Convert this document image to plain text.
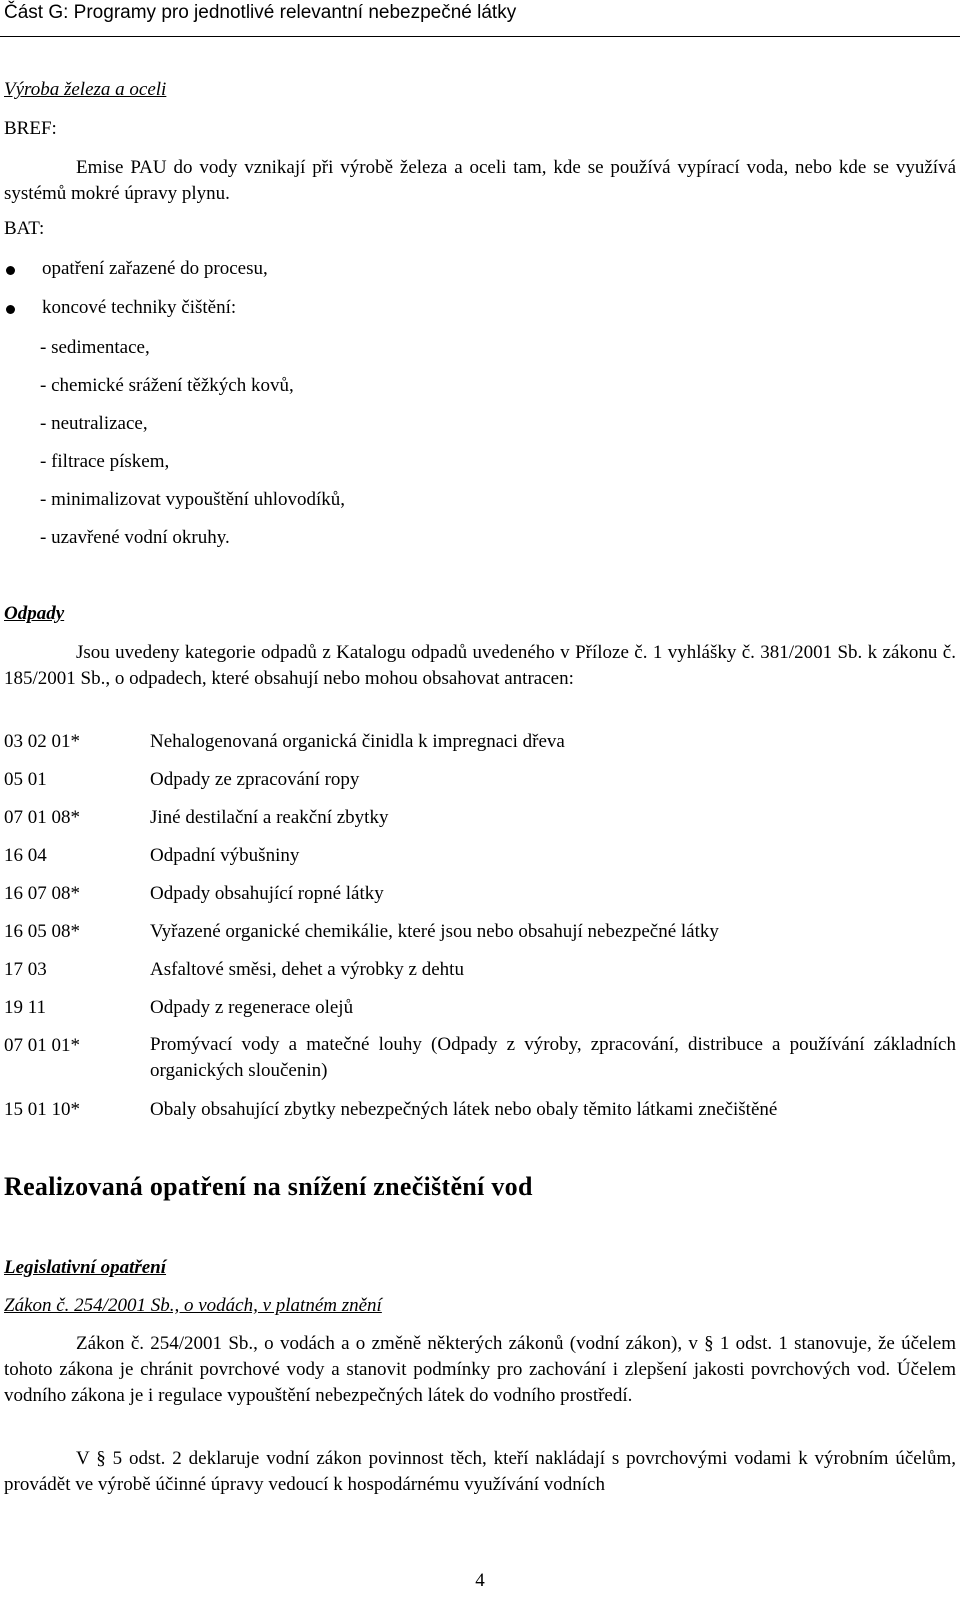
Část G: Programy pro jednotlivé relevantní nebezpečné látky
Výroba železa a oceli
BREF:
Emise PAU do vody vznikají při výrobě železa a oceli tam, kde se používá vypírací voda, nebo kde se využívá systémů mokré úpravy plynu.
BAT:
opatření zařazené do procesu,
koncové techniky čištění:
- sedimentace,
- chemické srážení těžkých kovů,
- neutralizace,
- filtrace pískem,
- minimalizovat vypouštění uhlovodíků,
- uzavřené vodní okruhy.
Odpady
Jsou uvedeny kategorie odpadů z Katalogu odpadů uvedeného v Příloze č. 1 vyhlášky č. 381/2001 Sb. k zákonu č. 185/2001 Sb., o odpadech, které obsahují nebo mohou obsahovat antracen:
03 02 01*	Nehalogenovaná organická činidla k impregnaci dřeva
05 01	Odpady ze zpracování ropy
07 01 08*	Jiné destilační a reakční zbytky
16 04	Odpadní výbušniny
16 07 08*	Odpady obsahující ropné látky
16 05 08*	Vyřazené organické chemikálie, které jsou nebo obsahují nebezpečné látky
17 03	Asfaltové směsi, dehet a výrobky z dehtu
19 11	Odpady z regenerace olejů
07 01 01*	Promývací vody a matečné louhy (Odpady z výroby, zpracování, distribuce a používání základních organických sloučenin)
15 01 10*	Obaly obsahující zbytky nebezpečných látek nebo obaly těmito látkami znečištěné
Realizovaná opatření na snížení znečištění vod
Legislativní opatření
Zákon č. 254/2001 Sb., o vodách, v platném znění
Zákon č. 254/2001 Sb., o vodách a o změně některých zákonů (vodní zákon), v § 1 odst. 1 stanovuje, že účelem tohoto zákona je chránit povrchové vody a stanovit podmínky pro zachování i zlepšení jakosti povrchových vod. Účelem vodního zákona je i regulace vypouštění nebezpečných látek do vodního prostředí.
V § 5 odst. 2 deklaruje vodní zákon povinnost těch, kteří nakládají s povrchovými vodami k výrobním účelům, provádět ve výrobě účinné úpravy vedoucí k hospodárnému využívání vodních
4
